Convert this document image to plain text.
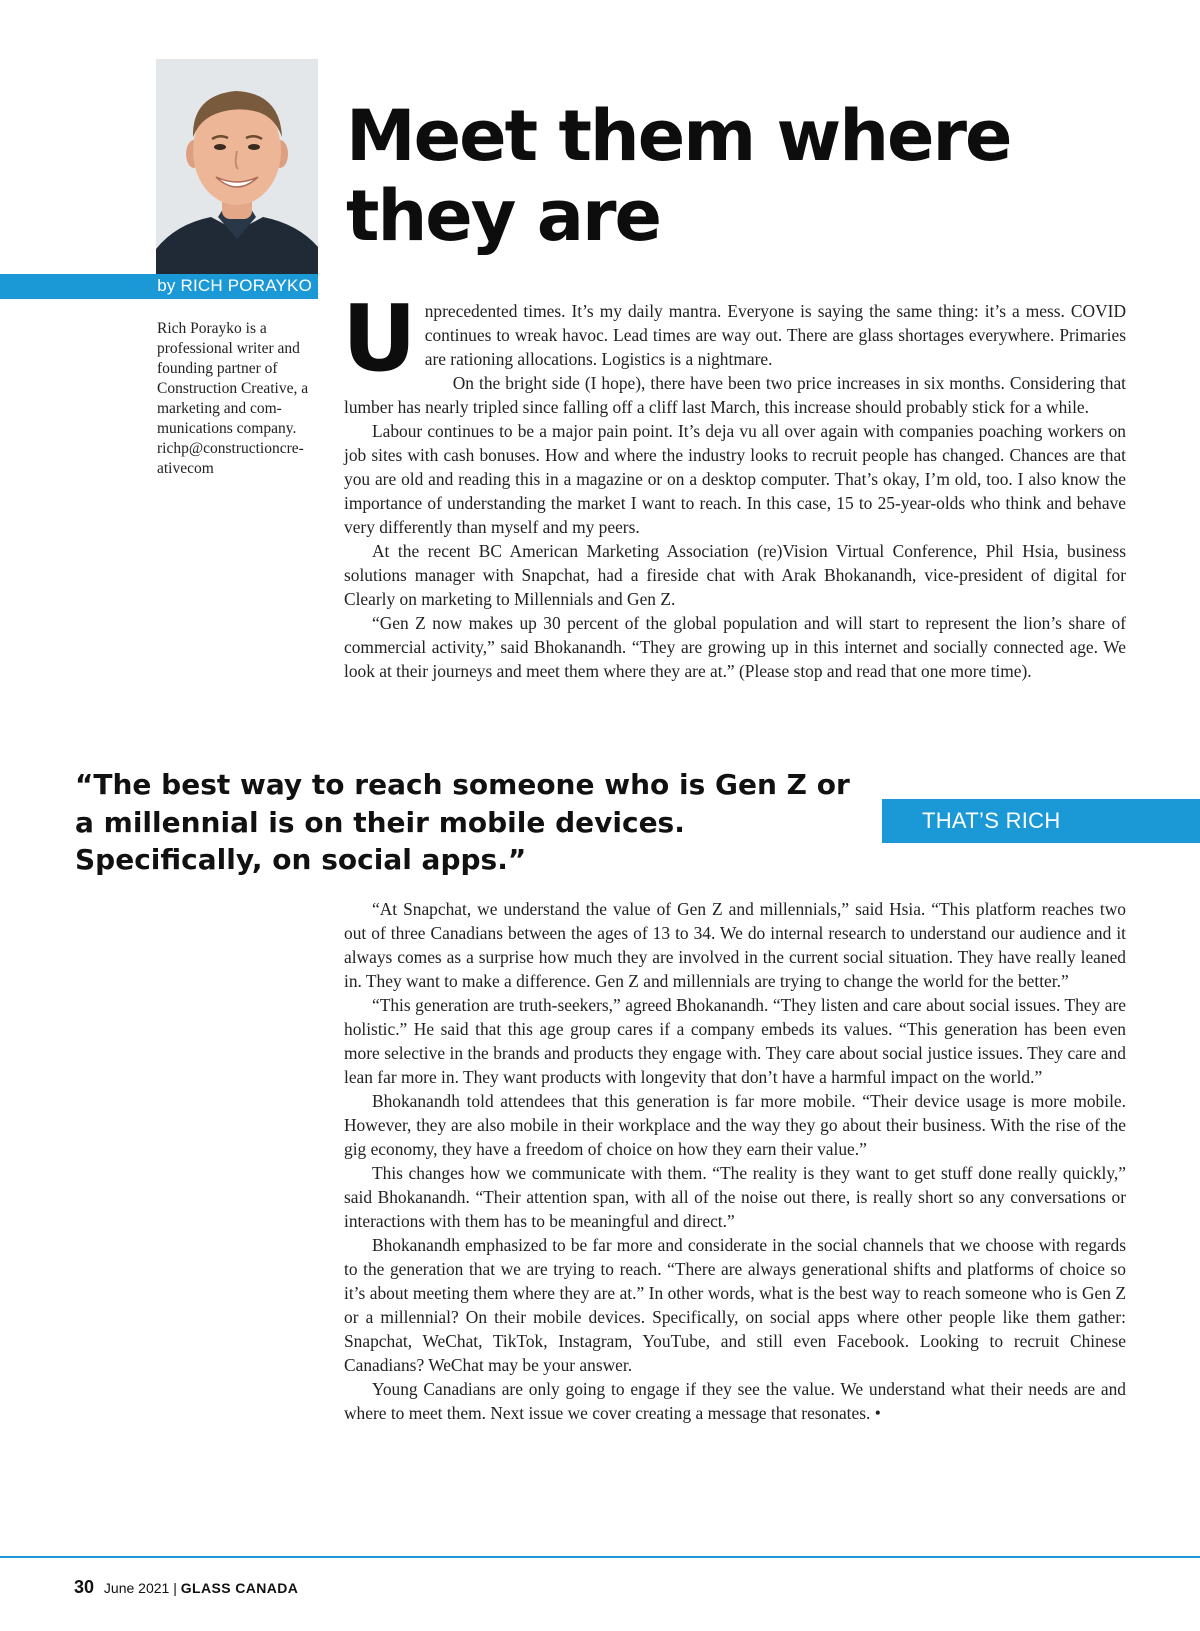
by RICH PORAYKO
Meet them where they are

Rich Porayko is a professional writer and founding partner of Construction Creative, a marketing and communications company. richp@constructioncreativecom

Unprecedented times. It’s my daily mantra. Everyone is saying the same thing: it’s a mess. COVID continues to wreak havoc. Lead times are way out. There are glass shortages everywhere. Primaries are rationing allocations. Logistics is a nightmare.

On the bright side (I hope), there have been two price increases in six months. Considering that lumber has nearly tripled since falling off a cliff last March, this increase should probably stick for a while.

Labour continues to be a major pain point. It’s deja vu all over again with companies poaching workers on job sites with cash bonuses. How and where the industry looks to recruit people has changed. Chances are that you are old and reading this in a magazine or on a desktop computer. That’s okay, I’m old, too. I also know the importance of understanding the market I want to reach. In this case, 15 to 25-year-olds who think and behave very differently than myself and my peers.

At the recent BC American Marketing Association (re)Vision Virtual Conference, Phil Hsia, business solutions manager with Snapchat, had a fireside chat with Arak Bhokanandh, vice-president of digital for Clearly on marketing to Millennials and Gen Z.

“Gen Z now makes up 30 percent of the global population and will start to represent the lion’s share of commercial activity,” said Bhokanandh. “They are growing up in this internet and socially connected age. We look at their journeys and meet them where they are at.” (Please stop and read that one more time).

“The best way to reach someone who is Gen Z or a millennial is on their mobile devices. Specifically, on social apps.”

THAT’S RICH

“At Snapchat, we understand the value of Gen Z and millennials,” said Hsia. “This platform reaches two out of three Canadians between the ages of 13 to 34. We do internal research to understand our audience and it always comes as a surprise how much they are involved in the current social situation. They have really leaned in. They want to make a difference. Gen Z and millennials are trying to change the world for the better.”

“This generation are truth-seekers,” agreed Bhokanandh. “They listen and care about social issues. They are holistic.” He said that this age group cares if a company embeds its values. “This generation has been even more selective in the brands and products they engage with. They care about social justice issues. They care and lean far more in. They want products with longevity that don’t have a harmful impact on the world.”

Bhokanandh told attendees that this generation is far more mobile. “Their device usage is more mobile. However, they are also mobile in their workplace and the way they go about their business. With the rise of the gig economy, they have a freedom of choice on how they earn their value.”

This changes how we communicate with them. “The reality is they want to get stuff done really quickly,” said Bhokanandh. “Their attention span, with all of the noise out there, is really short so any conversations or interactions with them has to be meaningful and direct.”

Bhokanandh emphasized to be far more and considerate in the social channels that we choose with regards to the generation that we are trying to reach. “There are always generational shifts and platforms of choice so it’s about meeting them where they are at.” In other words, what is the best way to reach someone who is Gen Z or a millennial? On their mobile devices. Specifically, on social apps where other people like them gather: Snapchat, WeChat, TikTok, Instagram, YouTube, and still even Facebook. Looking to recruit Chinese Canadians? WeChat may be your answer.

Young Canadians are only going to engage if they see the value. We understand what their needs are and where to meet them. Next issue we cover creating a message that resonates. •

30 June 2021 | GLASS CANADA
